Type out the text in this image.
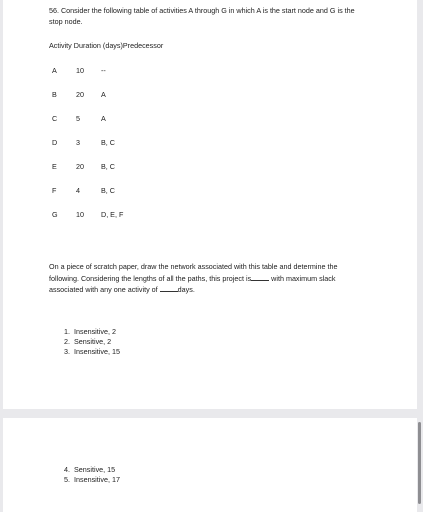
56. Consider the following table of activities A through G in which A is the start node and G is the stop node.
Activity Duration (days)Predecessor
A	10 --
B	20 A
C	5	A
D	3	B, C
E	20 B, C
F	4	B, C
G	10 D, E, F
On a piece of scratch paper, draw the network associated with this table and determine the following. Considering the lengths of all the paths, this project is	with maximum slack associated with any one activity of	days.
1. Insensitive, 2
2. Sensitive, 2
3. Insensitive, 15
4. Sensitive, 15
5. Insensitive, 17
